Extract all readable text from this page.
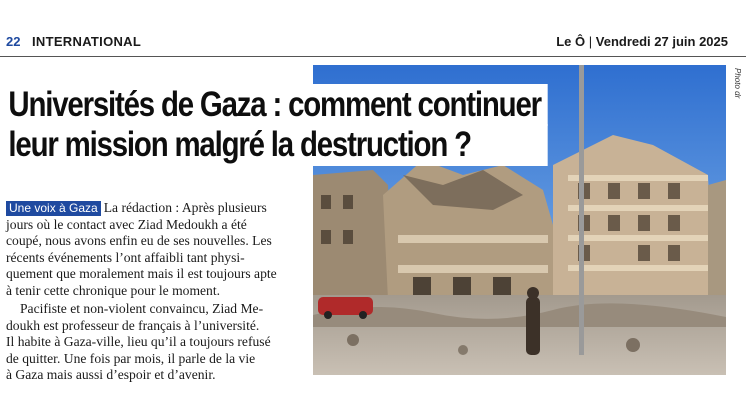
22 INTERNATIONAL	Le Ô | Vendredi 27 juin 2025
Photo dr
Universités de Gaza : comment continuer
leur mission malgré la destruction ?

Une voix à Gaza La rédaction : Après plusieurs
jours où le contact avec Ziad Medoukh a été
coupé, nous avons enfin eu de ses nouvelles. Les
récents événements l’ont affaibli tant physi-
quement que moralement mais il est toujours apte
à tenir cette chronique pour le moment.

Pacifiste et non-violent convaincu, Ziad Me-
doukh est professeur de français à l’université.
Il habite à Gaza-ville, lieu qu’il a toujours refusé
de quitter. Une fois par mois, il parle de la vie
à Gaza mais aussi d’espoir et d’avenir.
